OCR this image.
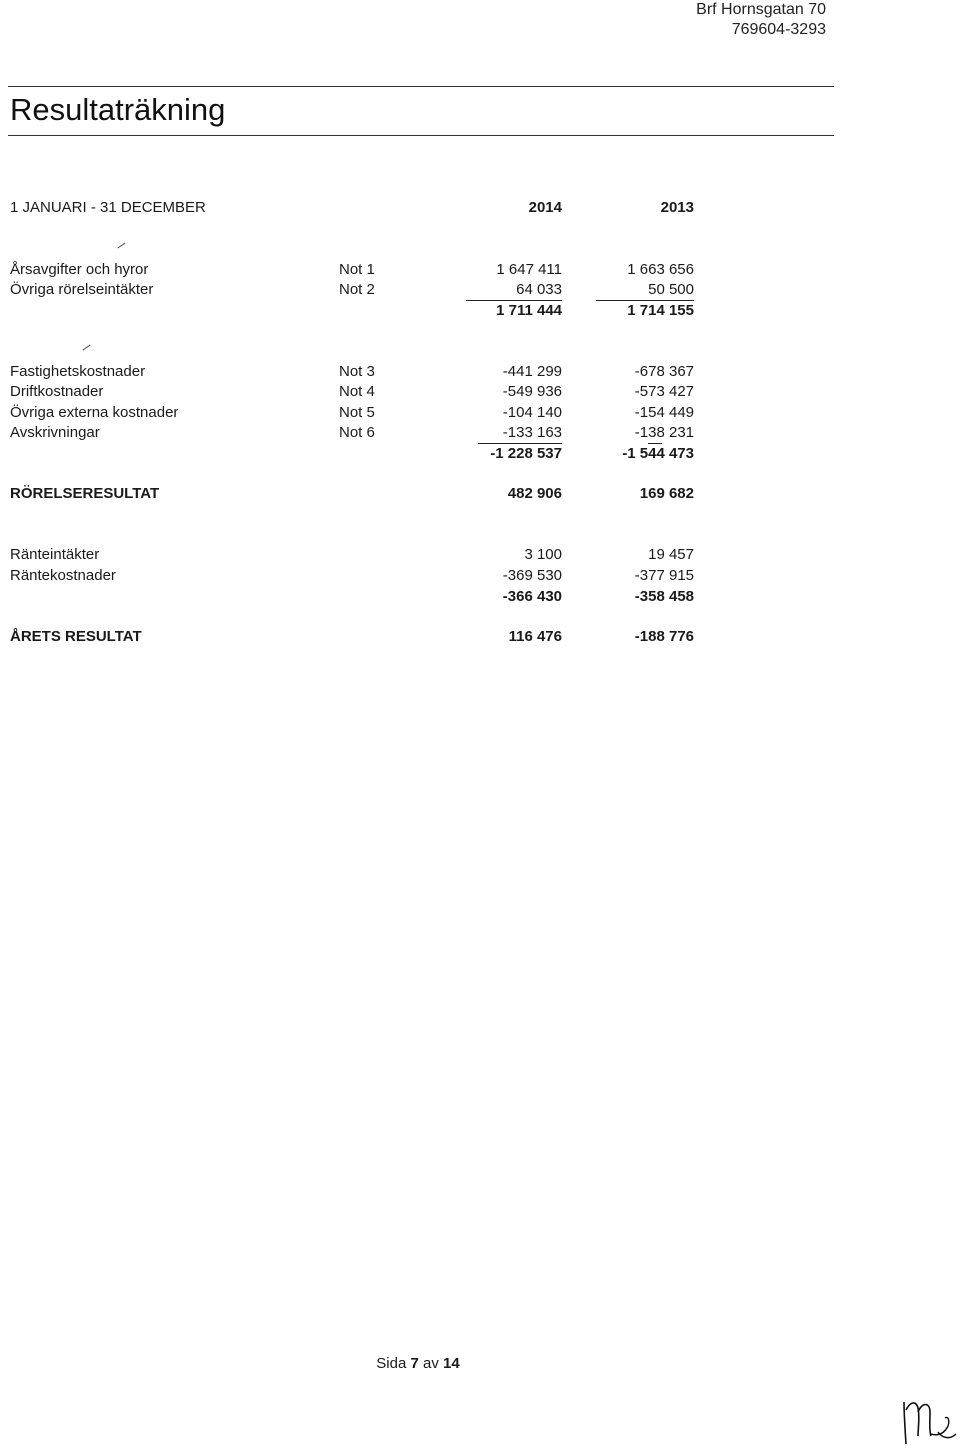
Brf Hornsgatan 70
769604-3293
Resultaträkning
1 JANUARI - 31 DECEMBER	2014	2013
Årsavgifter och hyror	Not 1	1 647 411	1 663 656
Övriga rörelseintäkter	Not 2	64 033	50 500
1 711 444	1 714 155
Fastighetskostnader	Not 3	-441 299	-678 367
Driftkostnader	Not 4	-549 936	-573 427
Övriga externa kostnader	Not 5	-104 140	-154 449
Avskrivningar	Not 6	-133 163	-138 231
-1 228 537	-1 544 473
RÖRELSERESULTAT	482 906	169 682
Ränteintäkter	3 100	19 457
Räntekostnader	-369 530	-377 915
-366 430	-358 458
ÅRETS RESULTAT	116 476	-188 776
Sida 7 av 14
